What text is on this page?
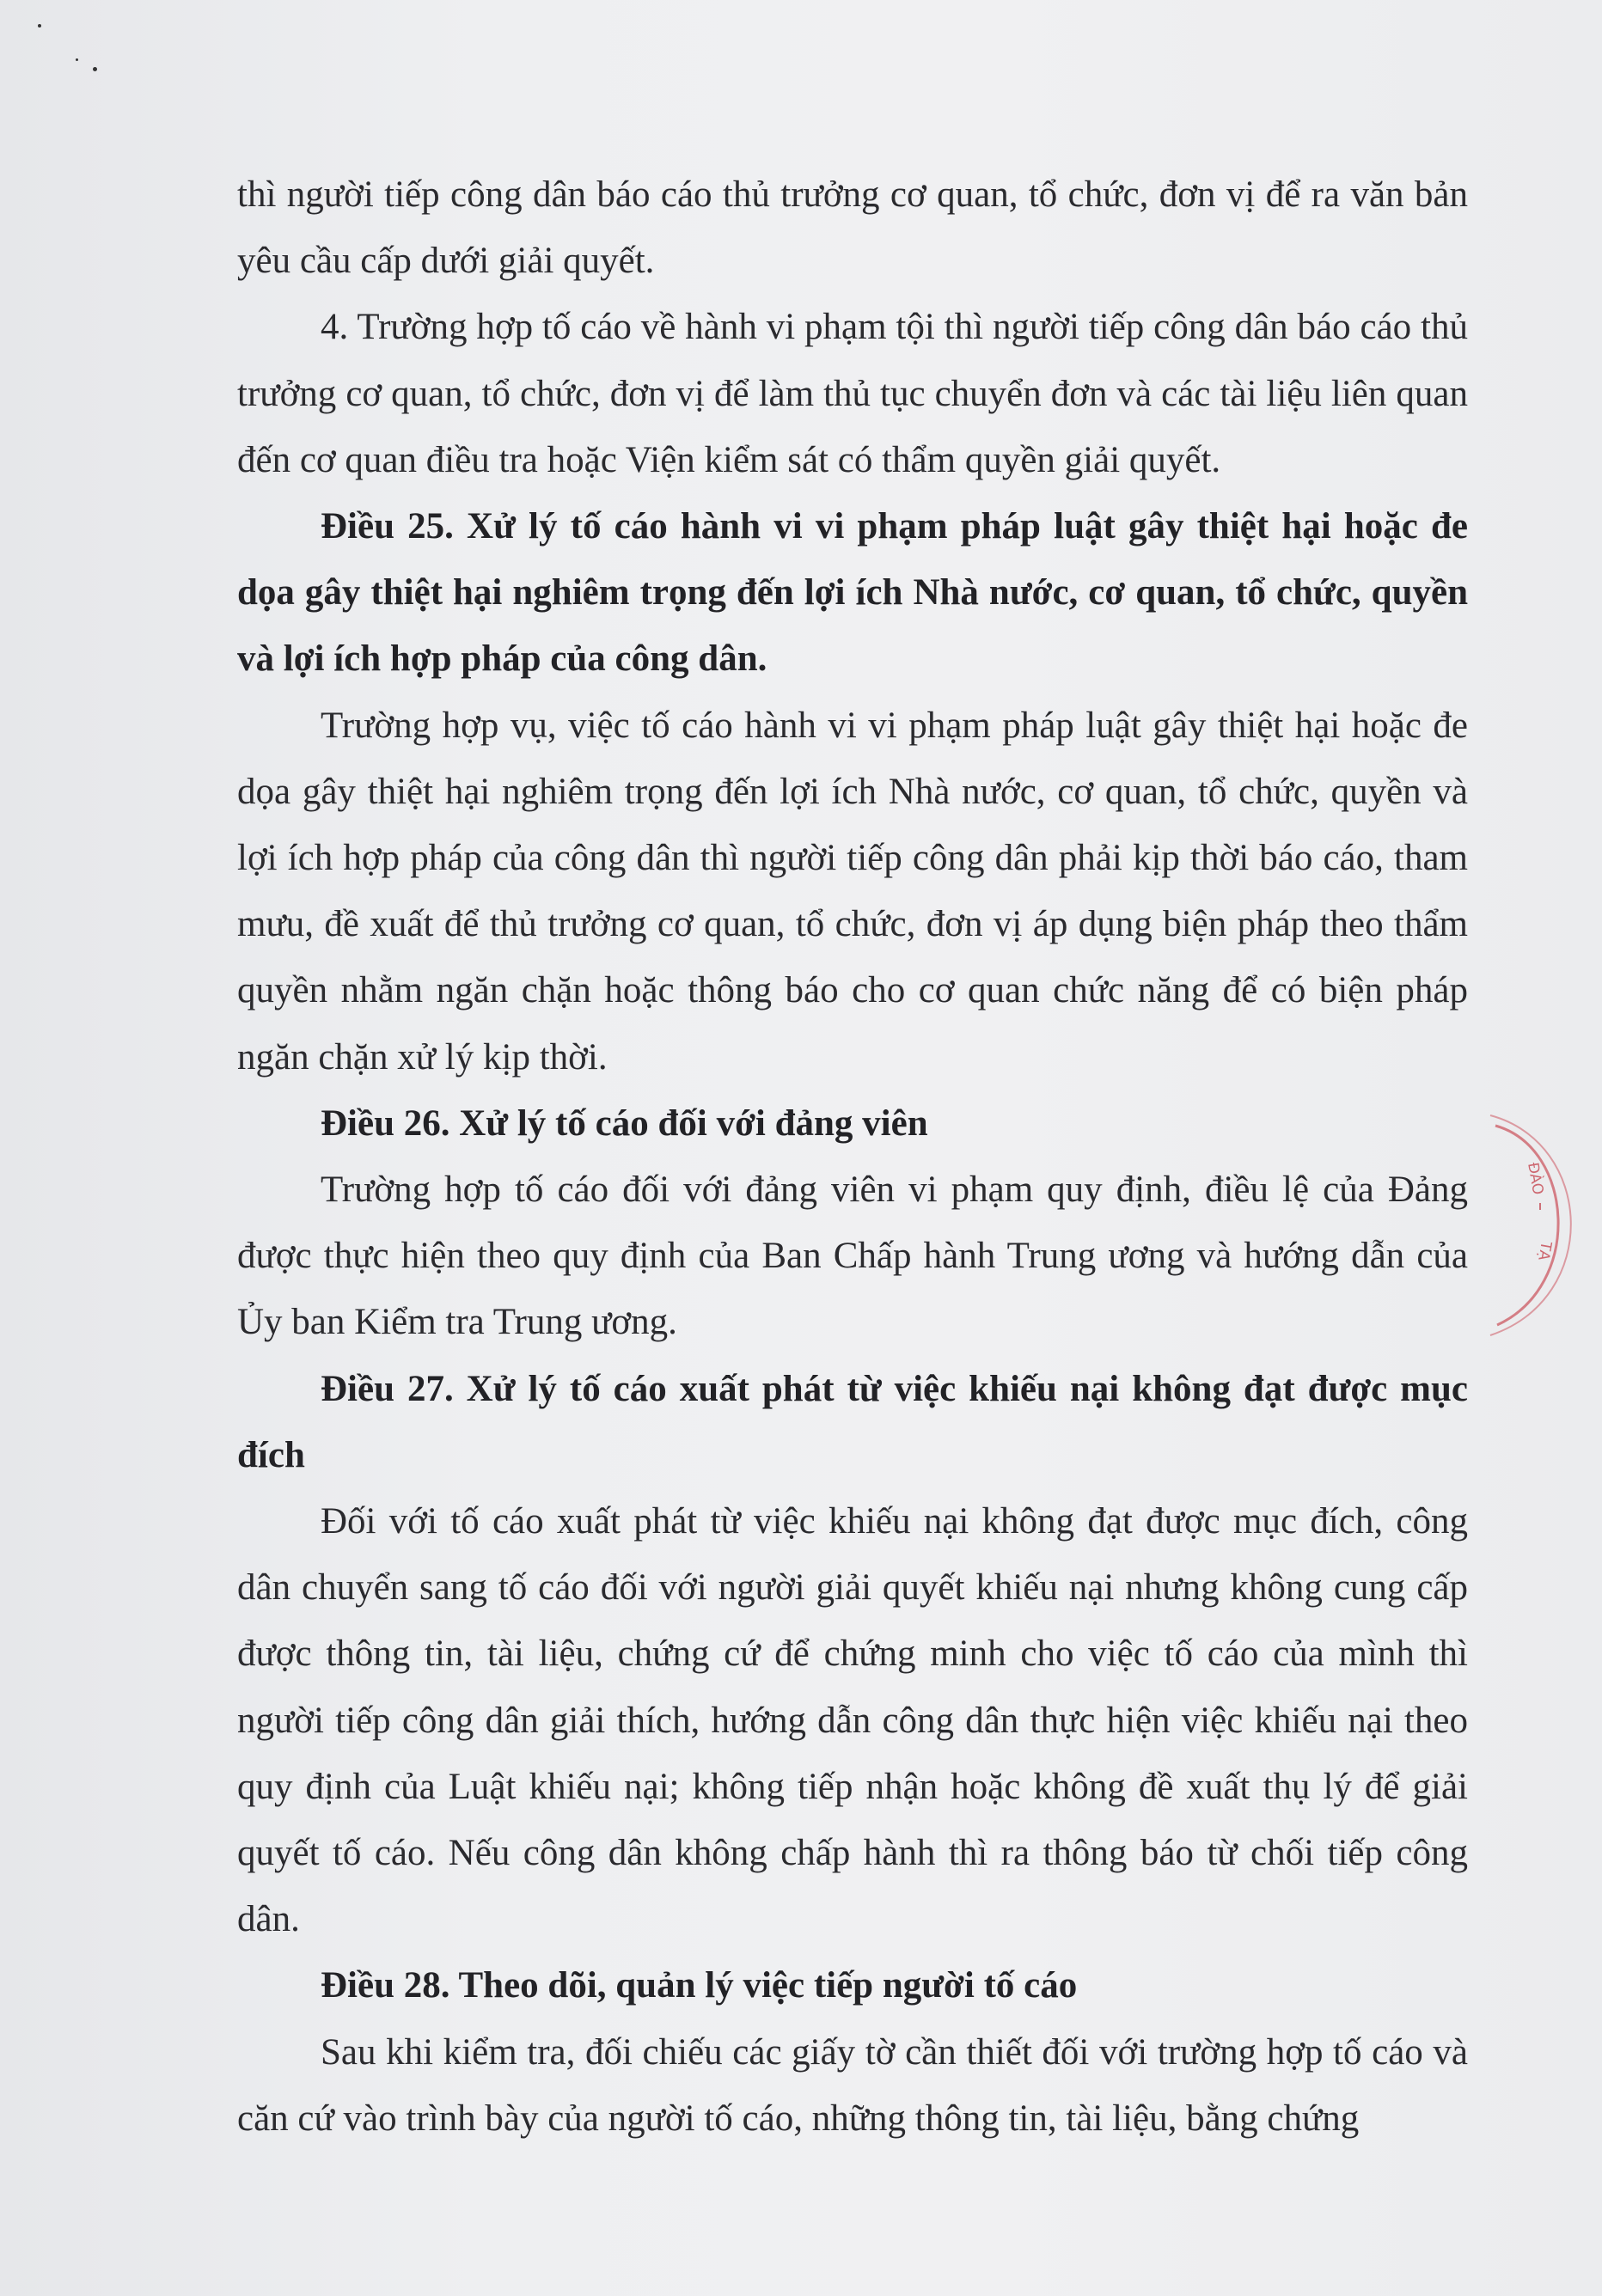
thì người tiếp công dân báo cáo thủ trưởng cơ quan, tổ chức, đơn vị để ra văn bản yêu cầu cấp dưới giải quyết.

4. Trường hợp tố cáo về hành vi phạm tội thì người tiếp công dân báo cáo thủ trưởng cơ quan, tổ chức, đơn vị để làm thủ tục chuyển đơn và các tài liệu liên quan đến cơ quan điều tra hoặc Viện kiểm sát có thẩm quyền giải quyết.

Điều 25. Xử lý tố cáo hành vi vi phạm pháp luật gây thiệt hại hoặc đe dọa gây thiệt hại nghiêm trọng đến lợi ích Nhà nước, cơ quan, tổ chức, quyền và lợi ích hợp pháp của công dân.

Trường hợp vụ, việc tố cáo hành vi vi phạm pháp luật gây thiệt hại hoặc đe dọa gây thiệt hại nghiêm trọng đến lợi ích Nhà nước, cơ quan, tổ chức, quyền và lợi ích hợp pháp của công dân thì người tiếp công dân phải kịp thời báo cáo, tham mưu, đề xuất để thủ trưởng cơ quan, tổ chức, đơn vị áp dụng biện pháp theo thẩm quyền nhằm ngăn chặn hoặc thông báo cho cơ quan chức năng để có biện pháp ngăn chặn xử lý kịp thời.

Điều 26. Xử lý tố cáo đối với đảng viên

Trường hợp tố cáo đối với đảng viên vi phạm quy định, điều lệ của Đảng được thực hiện theo quy định của Ban Chấp hành Trung ương và hướng dẫn của Ủy ban Kiểm tra Trung ương.

Điều 27. Xử lý tố cáo xuất phát từ việc khiếu nại không đạt được mục đích

Đối với tố cáo xuất phát từ việc khiếu nại không đạt được mục đích, công dân chuyển sang tố cáo đối với người giải quyết khiếu nại nhưng không cung cấp được thông tin, tài liệu, chứng cứ để chứng minh cho việc tố cáo của mình thì người tiếp công dân giải thích, hướng dẫn công dân thực hiện việc khiếu nại theo quy định của Luật khiếu nại; không tiếp nhận hoặc không đề xuất thụ lý để giải quyết tố cáo. Nếu công dân không chấp hành thì ra thông báo từ chối tiếp công dân.

Điều 28. Theo dõi, quản lý việc tiếp người tố cáo

Sau khi kiểm tra, đối chiếu các giấy tờ cần thiết đối với trường hợp tố cáo và căn cứ vào trình bày của người tố cáo, những thông tin, tài liệu, bằng chứng

ĐÀO
TẠ
